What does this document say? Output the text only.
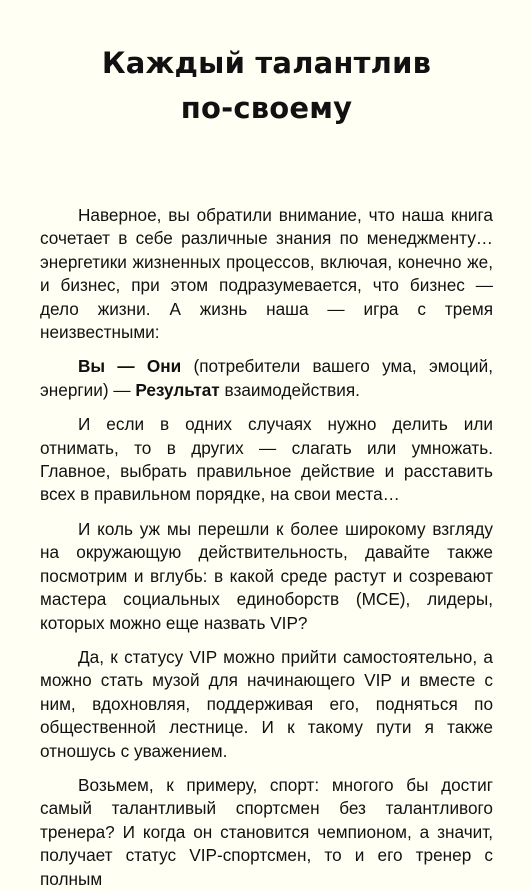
Каждый талантлив
по-своему

Наверное, вы обратили внимание, что наша книга сочетает в себе различные знания по менеджменту… энергетики жизненных процессов, включая, конечно же, и бизнес, при этом подразумевается, что бизнес — дело жизни. А жизнь наша — игра с тремя неизвестными:

Вы — Они (потребители вашего ума, эмоций, энергии) — Результат взаимодействия.

И если в одних случаях нужно делить или отнимать, то в других — слагать или умножать. Главное, выбрать правильное действие и расставить всех в правильном порядке, на свои места…

И коль уж мы перешли к более широкому взгляду на окружающую действительность, давайте также посмотрим и вглубь: в какой среде растут и созревают мастера социальных единоборств (МСЕ), лидеры, которых можно еще назвать VIP?

Да, к статусу VIP можно прийти самостоятельно, а можно стать музой для начинающего VIP и вместе с ним, вдохновляя, поддерживая его, подняться по общественной лестнице. И к такому пути я также отношусь с уважением.

Возьмем, к примеру, спорт: многого бы достиг самый талантливый спортсмен без талантливого тренера? И когда он становится чемпионом, а значит, получает статус VIP-спортсмен, то и его тренер с полным
